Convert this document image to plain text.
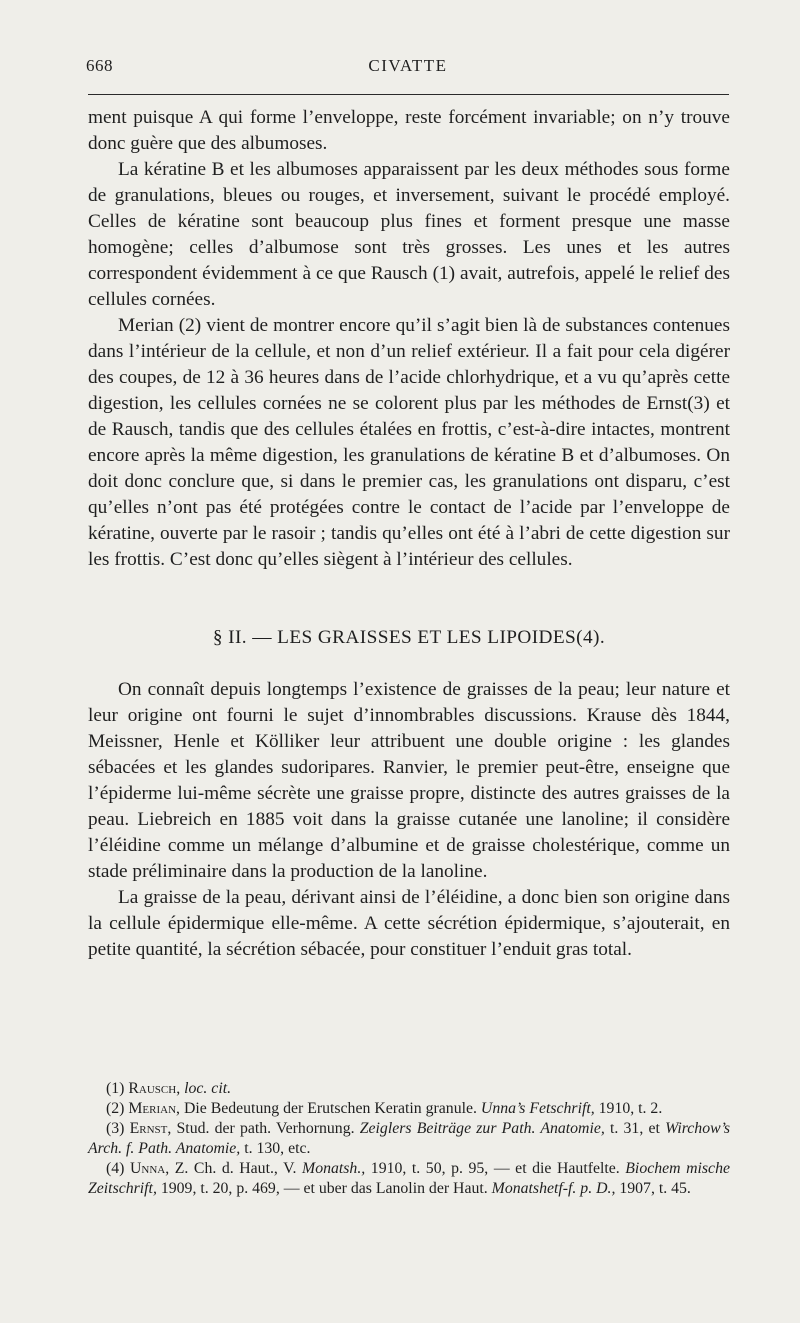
668	CIVATTE

ment puisque A qui forme l’enveloppe, reste forcément invariable; on n’y trouve donc guère que des albumoses.

La kératine B et les albumoses apparaissent par les deux méthodes sous forme de granulations, bleues ou rouges, et inversement, suivant le procédé employé. Celles de kératine sont beaucoup plus fines et forment presque une masse homogène; celles d’albumose sont très grosses. Les unes et les autres correspondent évidemment à ce que Rausch (1) avait, autrefois, appelé le relief des cellules cornées.

Merian (2) vient de montrer encore qu’il s’agit bien là de substances contenues dans l’intérieur de la cellule, et non d’un relief extérieur. Il a fait pour cela digérer des coupes, de 12 à 36 heures dans de l’acide chlorhydrique, et a vu qu’après cette digestion, les cellules cornées ne se colorent plus par les méthodes de Ernst(3) et de Rausch, tandis que des cellules étalées en frottis, c’est-à-dire intactes, montrent encore après la même digestion, les granulations de kératine B et d’albumoses. On doit donc conclure que, si dans le premier cas, les granulations ont disparu, c’est qu’elles n’ont pas été protégées contre le contact de l’acide par l’enveloppe de kératine, ouverte par le rasoir ; tandis qu’elles ont été à l’abri de cette digestion sur les frottis. C’est donc qu’elles siègent à l’intérieur des cellules.

§ II. — LES GRAISSES ET LES LIPOIDES(4).

On connaît depuis longtemps l’existence de graisses de la peau; leur nature et leur origine ont fourni le sujet d’innombrables discussions. Krause dès 1844, Meissner, Henle et Kölliker leur attribuent une double origine : les glandes sébacées et les glandes sudoripares. Ranvier, le premier peut-être, enseigne que l’épiderme lui-même sécrète une graisse propre, distincte des autres graisses de la peau. Liebreich en 1885 voit dans la graisse cutanée une lanoline; il considère l’éléidine comme un mélange d’albumine et de graisse cholestérique, comme un stade préliminaire dans la production de la lanoline.

La graisse de la peau, dérivant ainsi de l’éléidine, a donc bien son origine dans la cellule épidermique elle-même. A cette sécrétion épidermique, s’ajouterait, en petite quantité, la sécrétion sébacée, pour constituer l’enduit gras total.

(1) Rausch, loc. cit.

(2) Merian, Die Bedeutung der Erutschen Keratin granule. Unna’s Fetschrift, 1910, t. 2.

(3) Ernst, Stud. der path. Verhornung. Zeiglers Beiträge zur Path. Anatomie, t. 31, et Wirchow’s Arch. f. Path. Anatomie, t. 130, etc.

(4) Unna, Z. Ch. d. Haut., V. Monatsh., 1910, t. 50, p. 95, — et die Hautfelte. Biochem mische Zeitschrift, 1909, t. 20, p. 469, — et uber das Lanolin der Haut. Monatshetf-f. p. D., 1907, t. 45.
